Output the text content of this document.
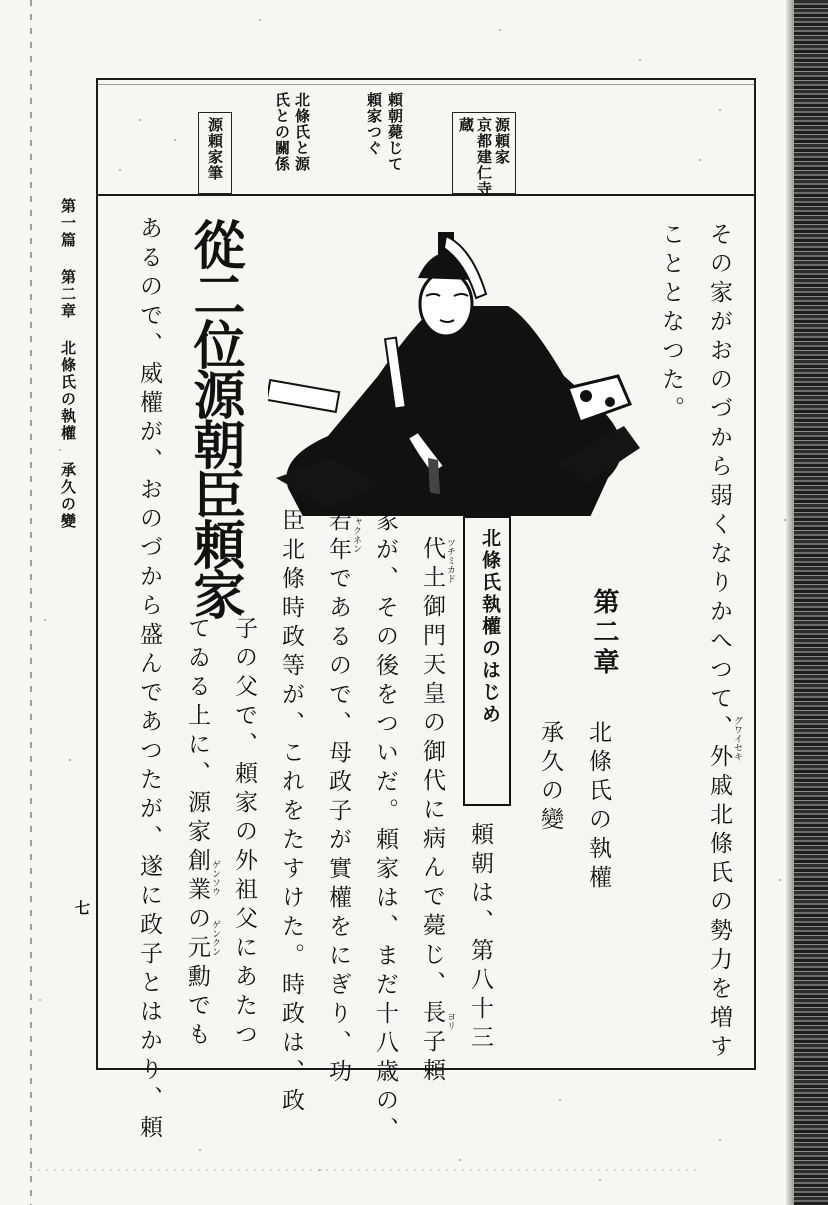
第一篇 第二章 北條氏の執權 承久の變
七
源頼家
京都建仁寺
蔵
頼朝薨じて
頼家つぐ
北條氏と源
氏との關係
源頼家筆
その家がおのづから弱くなりかへつて、外戚北條氏の勢力を増す グワイセキ
こととなつた。
第二章
北條氏の執權
承久の變
portrait of Minamoto no Yoriie
從二位源朝臣頼家
北條氏執權のはじめ
頼朝は、第八十三
代土御門天皇の御代に病んで薨じ、長子頼 ツチミカド
ヨリ
家が、その後をついだ。頼家は、まだ十八歳の、
若年であるので、母政子が實權をにぎり、功 ジャクネン
臣北條時政等が、これをたすけた。時政は、政
子の父で、頼家の外祖父にあたつ
てゐる上に、源家創業の元勳でも ゲンソウ
ゲンクン
あるので、威權が、おのづから盛んであつたが、遂に政子とはかり、頼
